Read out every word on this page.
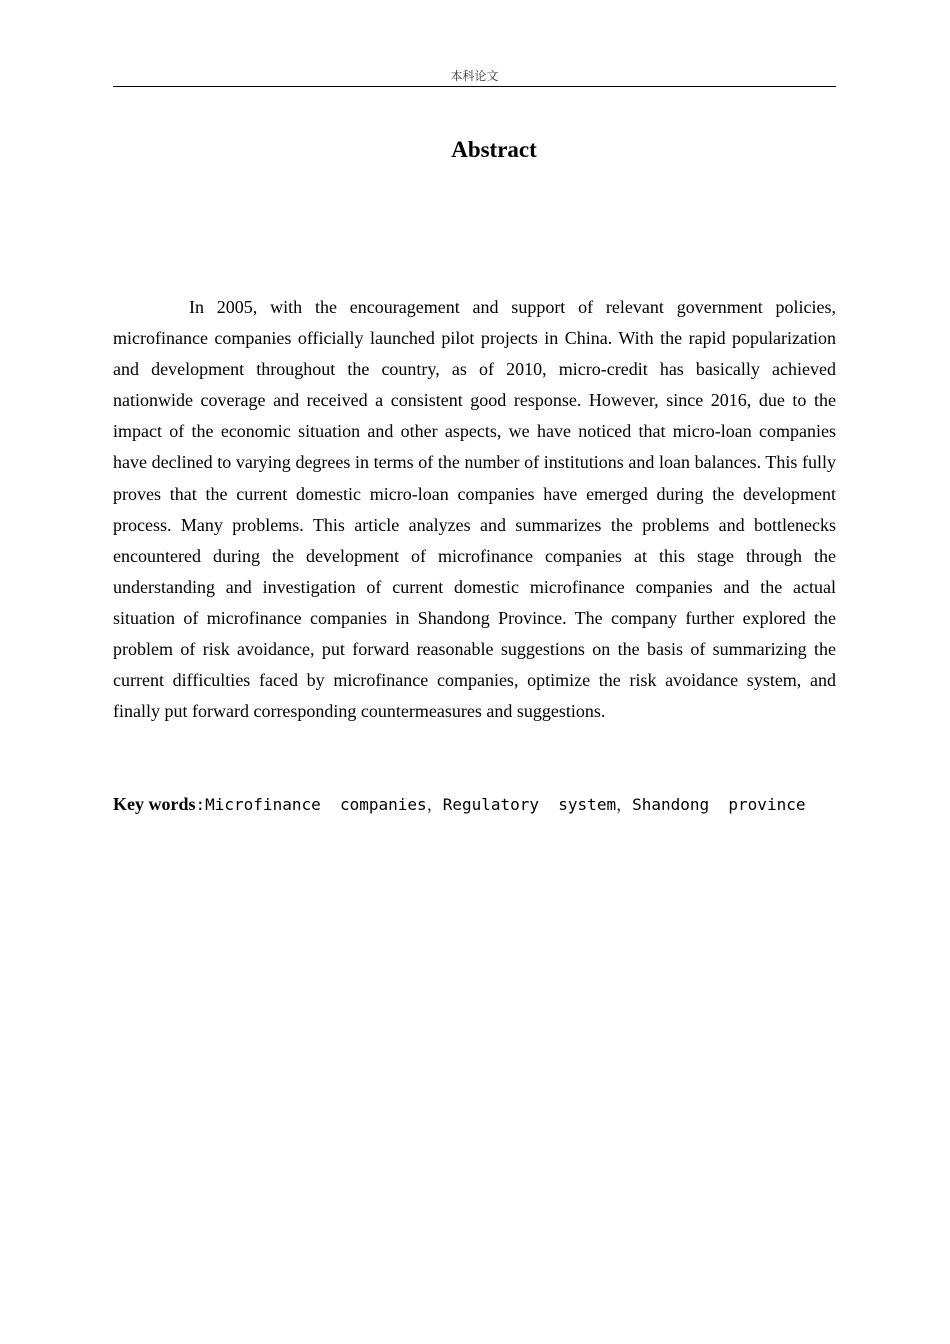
本科论文
Abstract

In 2005, with the encouragement and support of relevant government policies, microfinance companies officially launched pilot projects in China. With the rapid popularization and development throughout the country, as of 2010, micro-credit has basically achieved nationwide coverage and received a consistent good response. However, since 2016, due to the impact of the economic situation and other aspects, we have noticed that micro-loan companies have declined to varying degrees in terms of the number of institutions and loan balances. This fully proves that the current domestic micro-loan companies have emerged during the development process. Many problems. This article analyzes and summarizes the problems and bottlenecks encountered during the development of microfinance companies at this stage through the understanding and investigation of current domestic microfinance companies and the actual situation of microfinance companies in Shandong Province. The company further explored the problem of risk avoidance, put forward reasonable suggestions on the basis of summarizing the current difficulties faced by microfinance companies, optimize the risk avoidance system, and finally put forward corresponding countermeasures and suggestions.

Key words:Microfinance  companies，Regulatory  system，Shandong  province
